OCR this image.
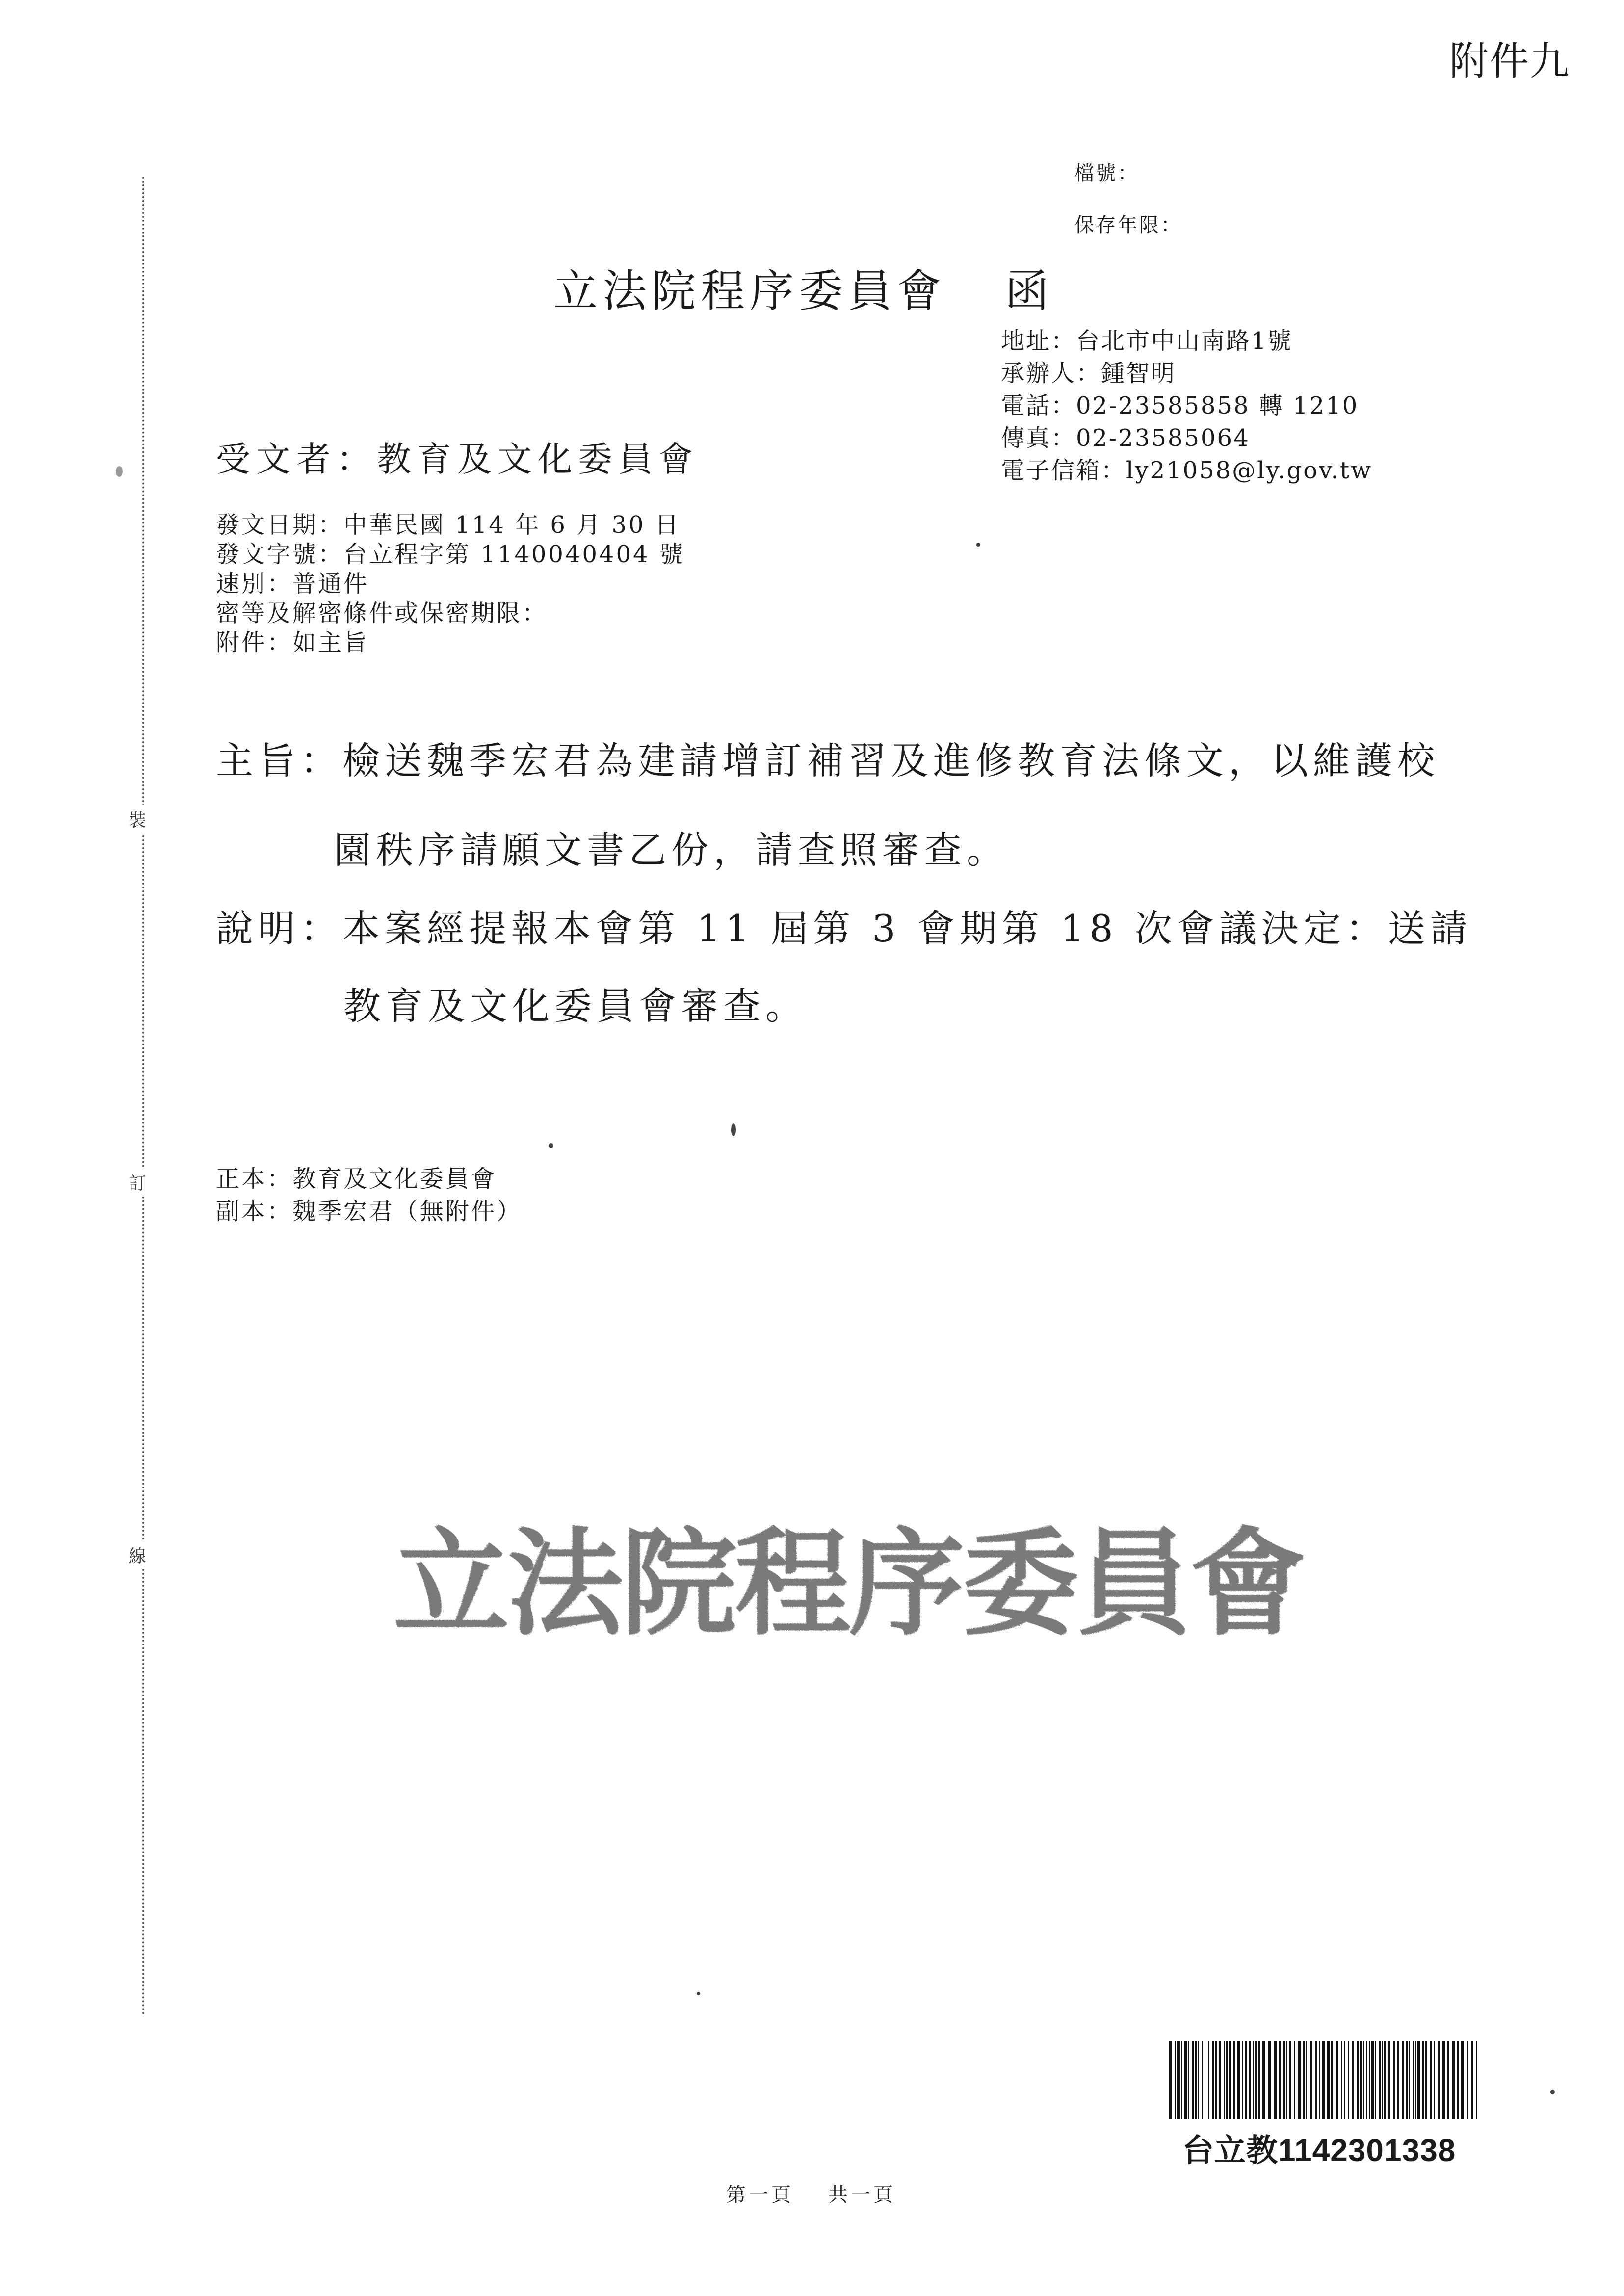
附件九
檔號：
保存年限：
立法院程序委員會 函
地址：台北市中山南路1號
承辦人：鍾智明
電話：02-23585858 轉 1210
傳真：02-23585064
電子信箱：ly21058@ly.gov.tw
受文者：教育及文化委員會
發文日期：中華民國 114 年 6 月 30 日
發文字號：台立程字第 1140040404 號
速別：普通件
密等及解密條件或保密期限：
附件：如主旨
主旨：檢送魏季宏君為建請增訂補習及進修教育法條文，以維護校
園秩序請願文書乙份，請查照審查。
說明：本案經提報本會第 11 屆第 3 會期第 18 次會議決定：送請
教育及文化委員會審查。
正本：教育及文化委員會
副本：魏季宏君（無附件）
裝
訂
線 立法院程序委員會
台立教1142301338
第一頁 共一頁
